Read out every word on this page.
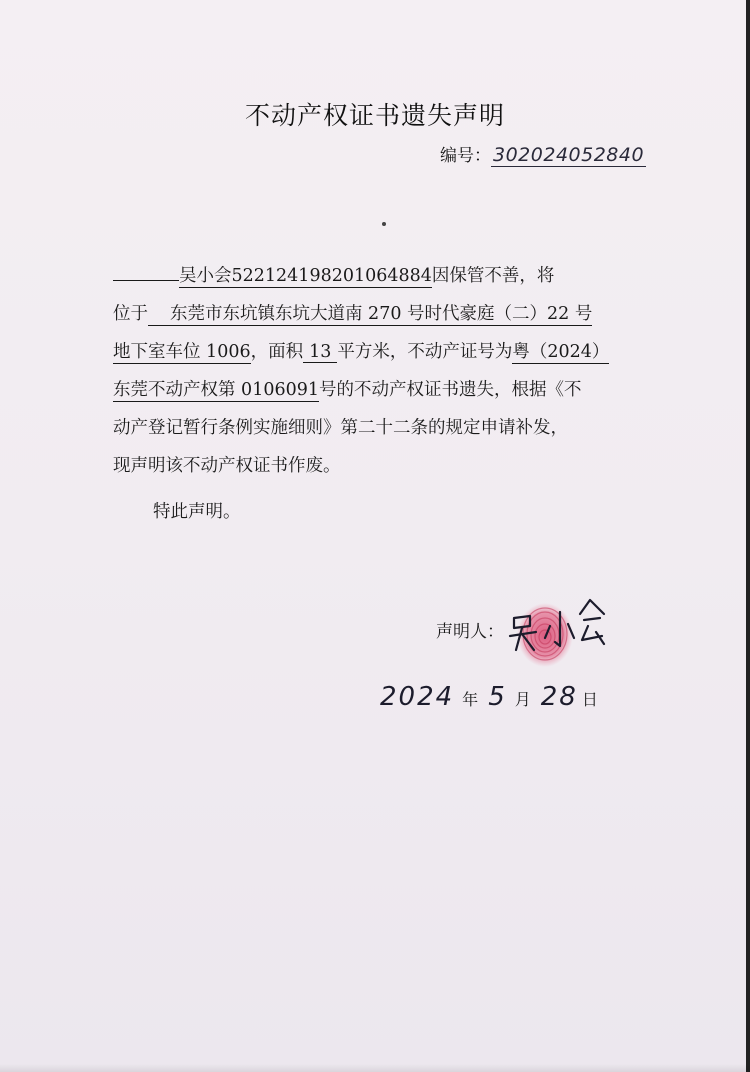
不动产权证书遗失声明
编号： 302024052840
吴小会522124198201064884因保管不善，将
位于 东莞市东坑镇东坑大道南 270 号时代豪庭（二）22 号
地下室车位 1006，面积 13 平方米，不动产证号为粤（2024）
东莞不动产权第 0106091号的不动产权证书遗失，根据《不
动产登记暂行条例实施细则》第二十二条的规定申请补发，
现声明该不动产权证书作废。
特此声明。
声明人：
2024 年 5 月 28 日
